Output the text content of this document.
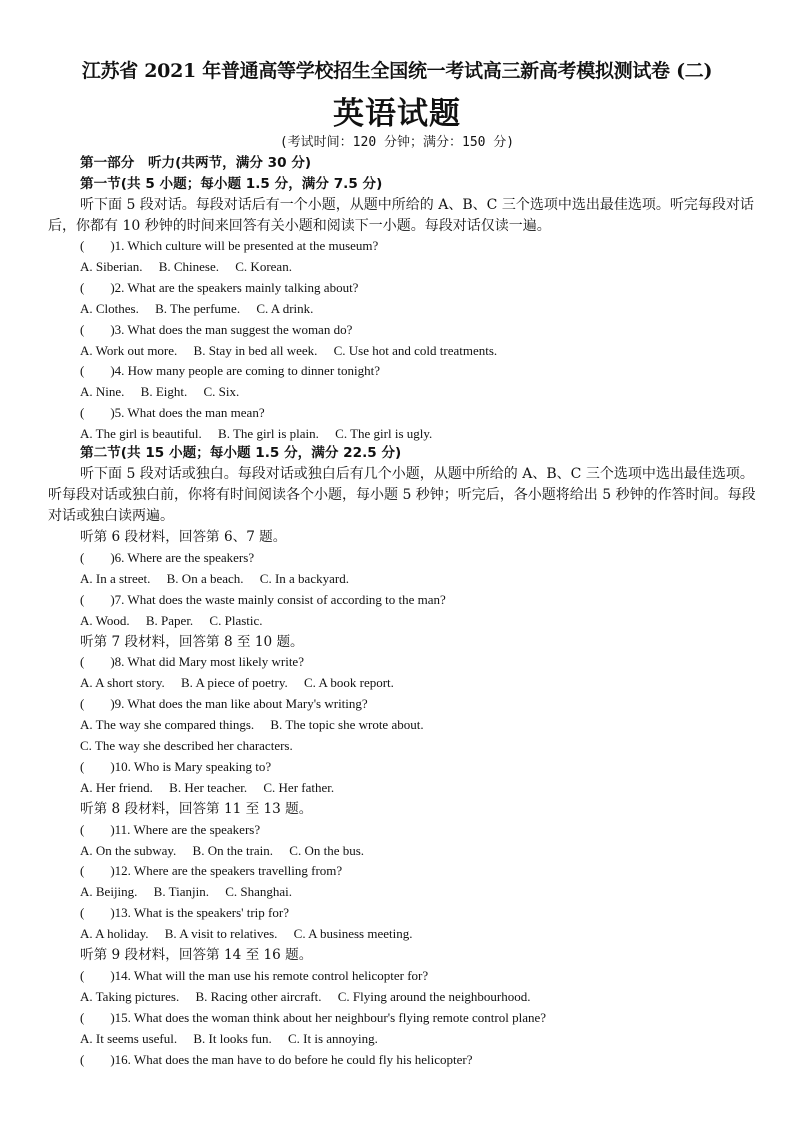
江苏省 2021 年普通高等学校招生全国统一考试高三新高考模拟测试卷 (二)
英语试题
(考试时间：120 分钟；满分：150 分)
第一部分　听力(共两节，满分 30 分)
第一节(共 5 小题；每小题 1.5 分，满分 7.5 分)
听下面 5 段对话。每段对话后有一个小题，从题中所给的 A、B、C 三个选项中选出最佳选项。听完每段对话后，你都有 10 秒钟的时间来回答有关小题和阅读下一小题。每段对话仅读一遍。
(　　)1. Which culture will be presented at the museum?
A. Siberian.　 B. Chinese.　 C. Korean.
(　　)2. What are the speakers mainly talking about?
A. Clothes.　 B. The perfume.　 C. A drink.
(　　)3. What does the man suggest the woman do?
A. Work out more.　 B. Stay in bed all week.　 C. Use hot and cold treatments.
(　　)4. How many people are coming to dinner tonight?
A. Nine.　 B. Eight.　 C. Six.
(　　)5. What does the man mean?
A. The girl is beautiful.　 B. The girl is plain.　 C. The girl is ugly.
第二节(共 15 小题；每小题 1.5 分，满分 22.5 分)
听下面 5 段对话或独白。每段对话或独白后有几个小题，从题中所给的 A、B、C 三个选项中选出最佳选项。听每段对话或独白前，你将有时间阅读各个小题，每小题 5 秒钟；听完后，各小题将给出 5 秒钟的作答时间。每段对话或独白读两遍。
听第 6 段材料，回答第 6、7 题。
(　　)6. Where are the speakers?
A. In a street.　 B. On a beach.　 C. In a backyard.
(　　)7. What does the waste mainly consist of according to the man?
A. Wood.　 B. Paper.　 C. Plastic.
听第 7 段材料，回答第 8 至 10 题。
(　　)8. What did Mary most likely write?
A. A short story.　 B. A piece of poetry.　 C. A book report.
(　　)9. What does the man like about Mary's writing?
A. The way she compared things.　 B. The topic she wrote about.
C. The way she described her characters.
(　　)10. Who is Mary speaking to?
A. Her friend.　 B. Her teacher.　 C. Her father.
听第 8 段材料，回答第 11 至 13 题。
(　　)11. Where are the speakers?
A. On the subway.　 B. On the train.　 C. On the bus.
(　　)12. Where are the speakers travelling from?
A. Beijing.　 B. Tianjin.　 C. Shanghai.
(　　)13. What is the speakers' trip for?
A. A holiday.　 B. A visit to relatives.　 C. A business meeting.
听第 9 段材料，回答第 14 至 16 题。
(　　)14. What will the man use his remote control helicopter for?
A. Taking pictures.　 B. Racing other aircraft.　 C. Flying around the neighbourhood.
(　　)15. What does the woman think about her neighbour's flying remote control plane?
A. It seems useful.　 B. It looks fun.　 C. It is annoying.
(　　)16. What does the man have to do before he could fly his helicopter?
